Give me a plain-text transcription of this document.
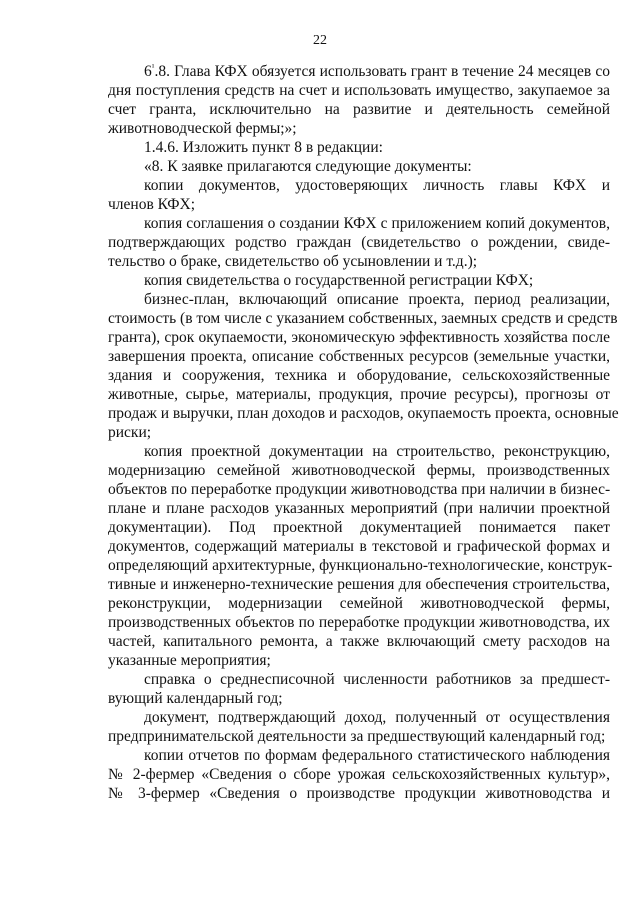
22

$6^{^1}.8$. Глава КФХ обязуется использовать грант в течение 24 месяцев со
дня поступления средств на счет и использовать имущество, закупаемое за
счет гранта, исключительно на развитие и деятельность семейной
животноводческой фермы;»;

1.4.6. Изложить пункт 8 в редакции:

«8. К заявке прилагаются следующие документы:

копии документов, удостоверяющих личность главы КФХ и
членов КФХ;

копия соглашения о создании КФХ с приложением копий документов,
подтверждающих родство граждан (свидетельство о рождении, свиде-
тельство о браке, свидетельство об усыновлении и т.д.);

копия свидетельства о государственной регистрации КФХ;

бизнес-план, включающий описание проекта, период реализации,
стоимость (в том числе с указанием собственных, заемных средств и средств
гранта), срок окупаемости, экономическую эффективность хозяйства после
завершения проекта, описание собственных ресурсов (земельные участки,
здания и сооружения, техника и оборудование, сельскохозяйственные
животные, сырье, материалы, продукция, прочие ресурсы), прогнозы от
продаж и выручки, план доходов и расходов, окупаемость проекта, основные
риски;

копия проектной документации на строительство, реконструкцию,
модернизацию семейной животноводческой фермы, производственных
объектов по переработке продукции животноводства при наличии в бизнес-
плане и плане расходов указанных мероприятий (при наличии проектной
документации). Под проектной документацией понимается пакет
документов, содержащий материалы в текстовой и графической формах и
определяющий архитектурные, функционально-технологические, конструк-
тивные и инженерно-технические решения для обеспечения строительства,
реконструкции, модернизации семейной животноводческой фермы,
производственных объектов по переработке продукции животноводства, их
частей, капитального ремонта, а также включающий смету расходов на
указанные мероприятия;

справка о среднесписочной численности работников за предшест-
вующий календарный год;

документ, подтверждающий доход, полученный от осуществления
предпринимательской деятельности за предшествующий календарный год;

копии отчетов по формам федерального статистического наблюдения
№ 2-фермер «Сведения о сборе урожая сельскохозяйственных культур»,
№ 3-фермер «Сведения о производстве продукции животноводства и
